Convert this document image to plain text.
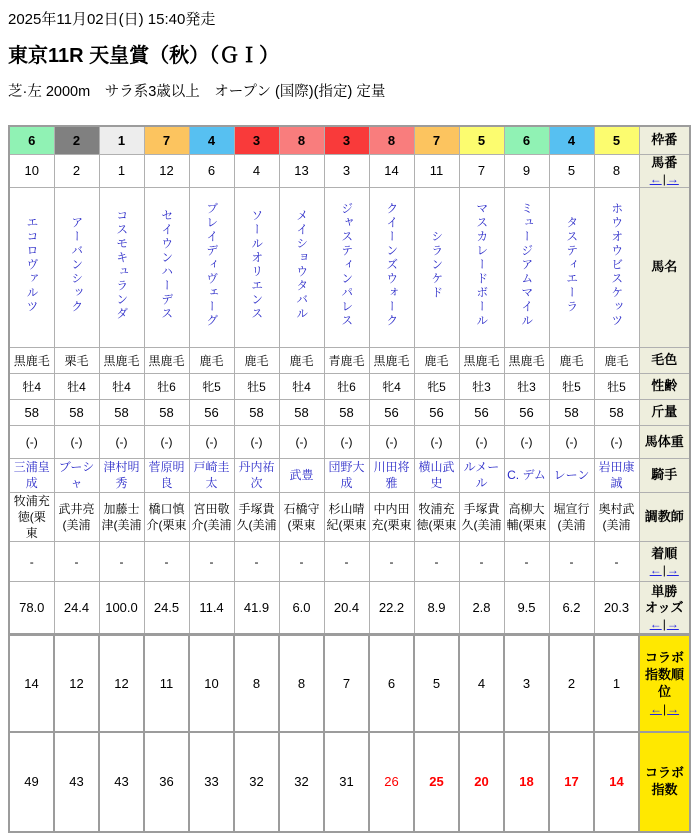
2025年11月02日(日) 15:40発走
東京11R 天皇賞（秋）（ＧＩ）
芝·左 2000m　サラ系3歳以上　オープン (国際)(指定) 定量
6	2	1	7	4	3	8	3	8	7	5	6	4	5	枠番

10	2	1	12	6	4	13	3	14	11	7	9	5	8	馬番
←|→

エコロヴァルツ	アーバンシック	コスモキュランダ	セイウンハーデス	ブレイディヴェーグ	ソールオリエンス	メイショウタバル	ジャスティンパレス	クイーンズウォーク	シランケド	マスカレードボール	ミュージアムマイル	タスティエーラ	ホウオウビスケッツ	馬名

黒鹿毛	栗毛	黒鹿毛	黒鹿毛	鹿毛	鹿毛	鹿毛	青鹿毛	黒鹿毛	鹿毛	黒鹿毛	黒鹿毛	鹿毛	鹿毛	毛色

牡4	牡4	牡4	牡6	牝5	牡5	牡4	牡6	牝4	牝5	牡3	牡3	牡5	牡5	性齢

58	58	58	58	56	58	58	58	56	56	56	56	58	58	斤量

(-)	(-)	(-)	(-)	(-)	(-)	(-)	(-)	(-)	(-)	(-)	(-)	(-)	(-)	馬体重

三浦皇成	ブーシャ	津村明秀	菅原明良	戸崎圭太	丹内祐次	武豊	団野大成	川田将雅	横山武史	ルメール	C. デム	レーン	岩田康誠	騎手

牧浦充徳(栗東	武井亮(美浦	加藤士津(美浦	橋口慎介(栗東	宮田敬介(美浦	手塚貴久(美浦	石橋守(栗東	杉山晴紀(栗東	中内田充(栗東	牧浦充徳(栗東	手塚貴久(美浦	高柳大輔(栗東	堀宣行(美浦	奥村武(美浦	調教師

-	-	-	-	-	-	-	-	-	-	-	-	-	-	着順
←|→

78.0	24.4	100.0	24.5	11.4	41.9	6.0	20.4	22.2	8.9	2.8	9.5	6.2	20.3	単勝
オッズ
←|→

14	12	12	11	10	8	8	7	6	5	4	3	2	1	コラボ
指数順位
←|→

49	43	43	36	33	32	32	31	26	25	20	18	17	14	コラボ
指数
